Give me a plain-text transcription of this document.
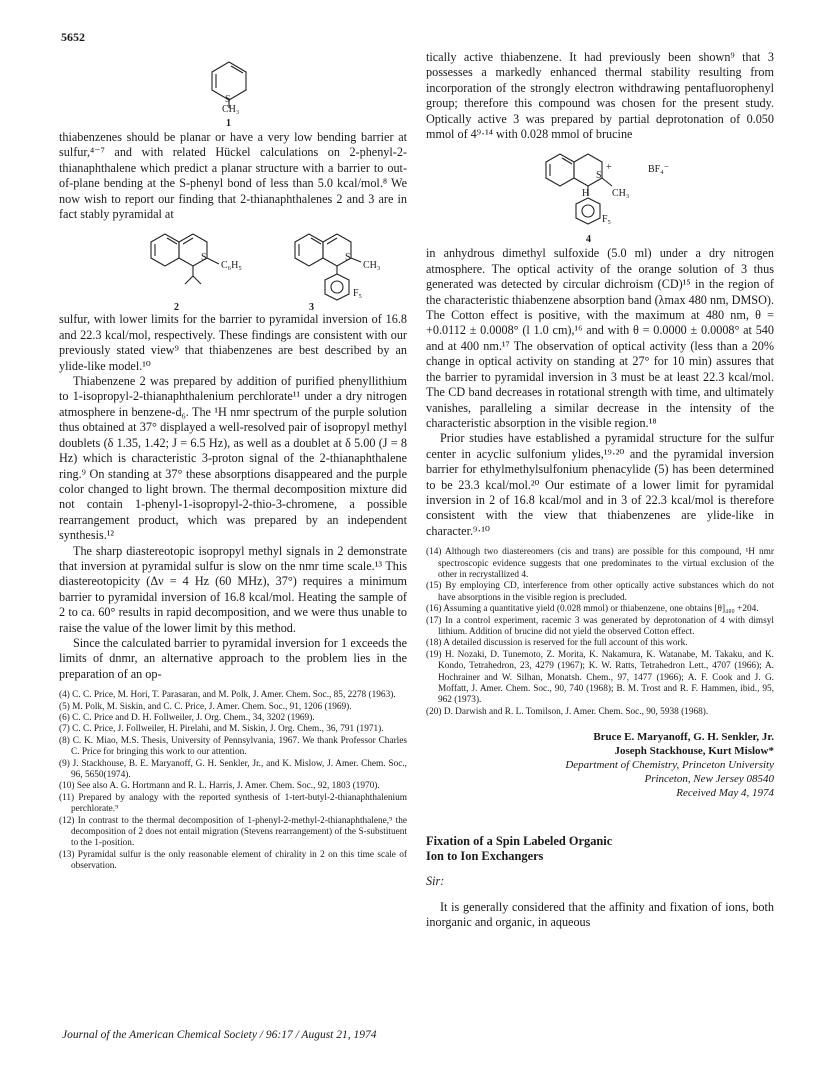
5652
S
CH₃
1

thiabenzenes should be planar or have a very low bending barrier at sulfur,⁴⁻⁷ and with related Hückel calculations on 2-phenyl-2-thianaphthalene which predict a planar structure with a barrier to out-of-plane bending at the S-phenyl bond of less than 5.0 kcal/mol.⁸ We now wish to report our finding that 2-thianaphthalenes 2 and 3 are in fact stably pyramidal at

S
C₆H₅
S
CH₃
F₅
2	3

sulfur, with lower limits for the barrier to pyramidal inversion of 16.8 and 22.3 kcal/mol, respectively. These findings are consistent with our previously stated view⁹ that thiabenzenes are best described by an ylide-like model.¹⁰

Thiabenzene 2 was prepared by addition of purified phenyllithium to 1-isopropyl-2-thianaphthalenium perchlorate¹¹ under a dry nitrogen atmosphere in benzene-d₆. The ¹H nmr spectrum of the purple solution thus obtained at 37° displayed a well-resolved pair of isopropyl methyl doublets (δ 1.35, 1.42; J = 6.5 Hz), as well as a doublet at δ 5.00 (J = 8 Hz) which is characteristic 3-proton signal of the 2-thianaphthalene ring.⁹ On standing at 37° these absorptions disappeared and the purple color changed to light brown. The thermal decomposition mixture did not contain 1-phenyl-1-isopropyl-2-thio-3-chromene, a possible rearrangement product, which was prepared by an independent synthesis.¹²

The sharp diastereotopic isopropyl methyl signals in 2 demonstrate that inversion at pyramidal sulfur is slow on the nmr time scale.¹³ This diastereotopicity (Δν = 4 Hz (60 MHz), 37°) requires a minimum barrier to pyramidal inversion of 16.8 kcal/mol. Heating the sample of 2 to ca. 60° results in rapid decomposition, and we were thus unable to raise the value of the lower limit by this method.

Since the calculated barrier to pyramidal inversion for 1 exceeds the limits of dnmr, an alternative approach to the problem lies in the preparation of an op-

(4) C. C. Price, M. Hori, T. Parasaran, and M. Polk, J. Amer. Chem. Soc., 85, 2278 (1963).

(5) M. Polk, M. Siskin, and C. C. Price, J. Amer. Chem. Soc., 91, 1206 (1969).

(6) C. C. Price and D. H. Follweiler, J. Org. Chem., 34, 3202 (1969).

(7) C. C. Price, J. Follweiler, H. Pirelahi, and M. Siskin, J. Org. Chem., 36, 791 (1971).

(8) C. K. Miao, M.S. Thesis, University of Pennsylvania, 1967. We thank Professor Charles C. Price for bringing this work to our attention.

(9) J. Stackhouse, B. E. Maryanoff, G. H. Senkler, Jr., and K. Mislow, J. Amer. Chem. Soc., 96, 5650(1974).

(10) See also A. G. Hortmann and R. L. Harris, J. Amer. Chem. Soc., 92, 1803 (1970).

(11) Prepared by analogy with the reported synthesis of 1-tert-butyl-2-thianaphthalenium perchlorate.⁹

(12) In contrast to the thermal decomposition of 1-phenyl-2-methyl-2-thianaphthalene,⁹ the decomposition of 2 does not entail migration (Stevens rearrangement) of the S-substituent to the 1-position.

(13) Pyramidal sulfur is the only reasonable element of chirality in 2 on this time scale of observation.

tically active thiabenzene. It had previously been shown⁹ that 3 possesses a markedly enhanced thermal stability resulting from incorporation of the strongly electron withdrawing pentafluorophenyl group; therefore this compound was chosen for the present study. Optically active 3 was prepared by partial deprotonation of 0.050 mmol of 4⁹·¹⁴ with 0.028 mmol of brucine

S
+	BF₄⁻
H CH₃
F₅
4

in anhydrous dimethyl sulfoxide (5.0 ml) under a dry nitrogen atmosphere. The optical activity of the orange solution of 3 thus generated was detected by circular dichroism (CD)¹⁵ in the region of the characteristic thiabenzene absorption band (λmax 480 nm, DMSO). The Cotton effect is positive, with the maximum at 480 nm, θ = +0.0112 ± 0.0008° (l 1.0 cm),¹⁶ and with θ = 0.0000 ± 0.0008° at 540 and at 400 nm.¹⁷ The observation of optical activity (less than a 20% change in optical activity on standing at 27° for 10 min) assures that the barrier to pyramidal inversion in 3 must be at least 22.3 kcal/mol. The CD band decreases in rotational strength with time, and ultimately vanishes, paralleling a similar decrease in the intensity of the characteristic absorption in the visible region.¹⁸

Prior studies have established a pyramidal structure for the sulfur center in acyclic sulfonium ylides,¹⁹·²⁰ and the pyramidal inversion barrier for ethylmethylsulfonium phenacylide (5) has been determined to be 23.3 kcal/mol.²⁰ Our estimate of a lower limit for pyramidal inversion in 2 of 16.8 kcal/mol and in 3 of 22.3 kcal/mol is therefore consistent with the view that thiabenzenes are ylide-like in character.⁹·¹⁰

(14) Although two diastereomers (cis and trans) are possible for this compound, ¹H nmr spectroscopic evidence suggests that one predominates to the virtual exclusion of the other in recrystallized 4.

(15) By employing CD, interference from other optically active substances which do not have absorptions in the visible region is precluded.

(16) Assuming a quantitative yield (0.028 mmol) or thiabenzene, one obtains [θ]₄₈₀ +204.

(17) In a control experiment, racemic 3 was generated by deprotonation of 4 with dimsyl lithium. Addition of brucine did not yield the observed Cotton effect.

(18) A detailed discussion is reserved for the full account of this work.

(19) H. Nozaki, D. Tunemoto, Z. Morita, K. Nakamura, K. Watanabe, M. Takaku, and K. Kondo, Tetrahedron, 23, 4279 (1967); K. W. Ratts, Tetrahedron Lett., 4707 (1966); A. Hochrainer and W. Silhan, Monatsh. Chem., 97, 1477 (1966); A. F. Cook and J. G. Moffatt, J. Amer. Chem. Soc., 90, 740 (1968); B. M. Trost and R. F. Hammen, ibid., 95, 962 (1973).

(20) D. Darwish and R. L. Tomilson, J. Amer. Chem. Soc., 90, 5938 (1968).

Bruce E. Maryanoff, G. H. Senkler, Jr.
Joseph Stackhouse, Kurt Mislow*
Department of Chemistry, Princeton University
Princeton, New Jersey 08540
Received May 4, 1974
Fixation of a Spin Labeled Organic
Ion to Ion Exchangers
Sir:

It is generally considered that the affinity and fixation of ions, both inorganic and organic, in aqueous

Journal of the American Chemical Society / 96:17 / August 21, 1974
